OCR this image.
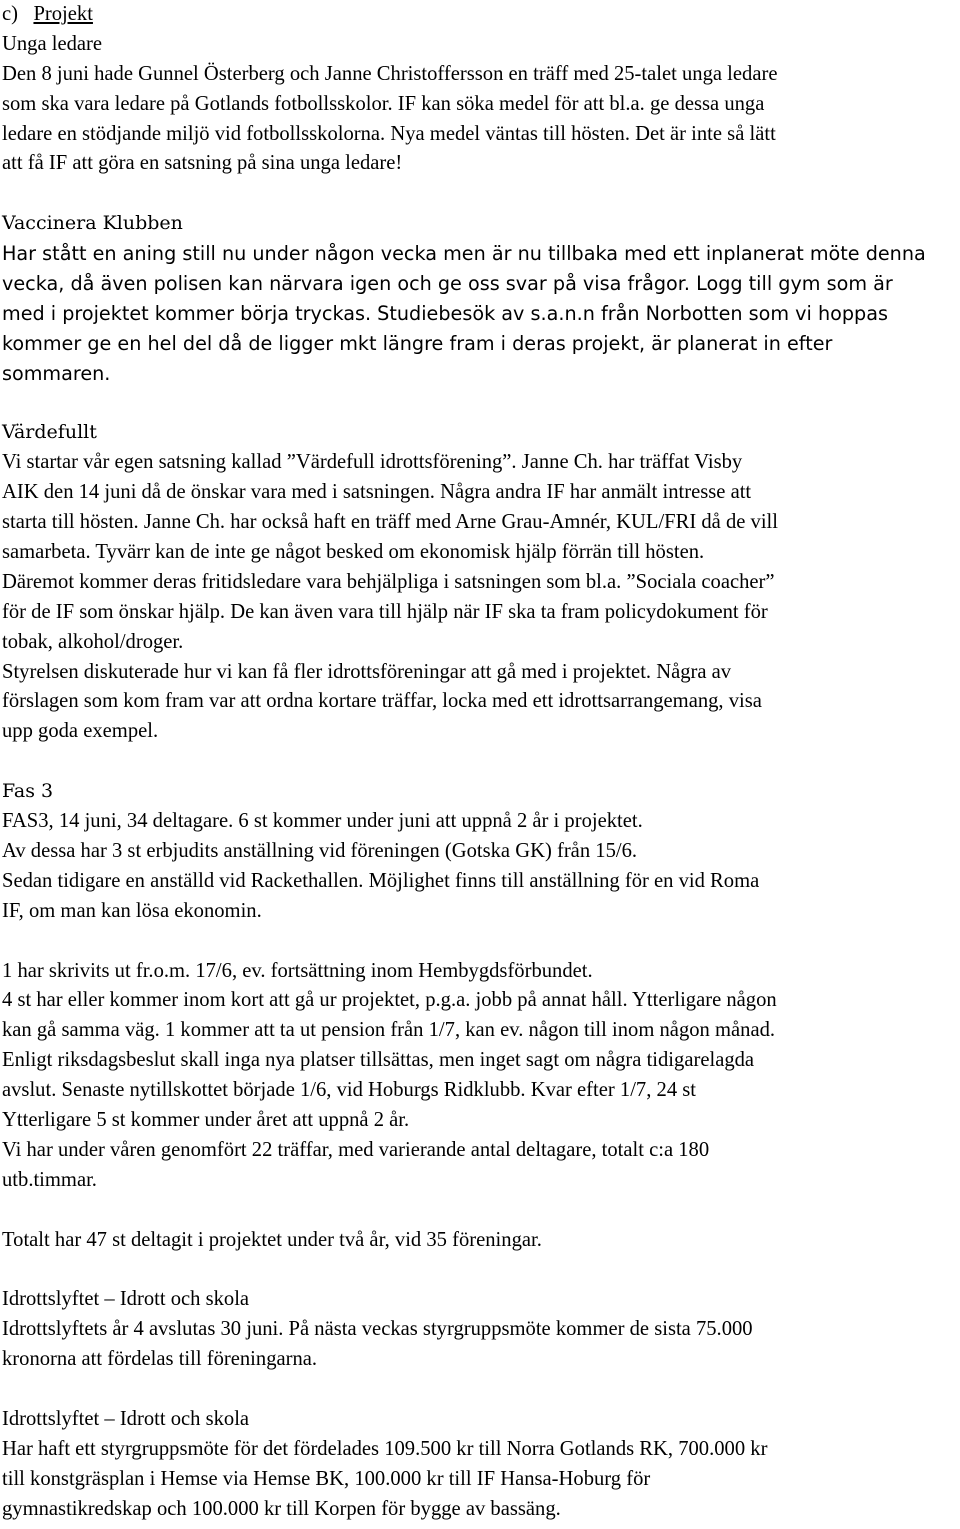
c) Projekt
Unga ledare
Den 8 juni hade Gunnel Österberg och Janne Christoffersson en träff med 25-talet unga ledare
som ska vara ledare på Gotlands fotbollsskolor. IF kan söka medel för att bl.a. ge dessa unga
ledare en stödjande miljö vid fotbollsskolorna. Nya medel väntas till hösten. Det är inte så lätt
att få IF att göra en satsning på sina unga ledare!
Vaccinera Klubben
Har stått en aning still nu under någon vecka men är nu tillbaka med ett inplanerat möte denna
vecka, då även polisen kan närvara igen och ge oss svar på visa frågor. Logg till gym som är
med i projektet kommer börja tryckas. Studiebesök av s.a.n.n från Norbotten som vi hoppas
kommer ge en hel del då de ligger mkt längre fram i deras projekt, är planerat in efter
sommaren.
Värdefullt
Vi startar vår egen satsning kallad ”Värdefull idrottsförening”. Janne Ch. har träffat Visby
AIK den 14 juni då de önskar vara med i satsningen. Några andra IF har anmält intresse att
starta till hösten. Janne Ch. har också haft en träff med Arne Grau-Amnér, KUL/FRI då de vill
samarbeta. Tyvärr kan de inte ge något besked om ekonomisk hjälp förrän till hösten.
Däremot kommer deras fritidsledare vara behjälpliga i satsningen som bl.a. ”Sociala coacher”
för de IF som önskar hjälp. De kan även vara till hjälp när IF ska ta fram policydokument för
tobak, alkohol/droger.
Styrelsen diskuterade hur vi kan få fler idrottsföreningar att gå med i projektet. Några av
förslagen som kom fram var att ordna kortare träffar, locka med ett idrottsarrangemang, visa
upp goda exempel.
Fas 3
FAS3, 14 juni, 34 deltagare. 6 st kommer under juni att uppnå 2 år i projektet.
Av dessa har 3 st erbjudits anställning vid föreningen (Gotska GK) från 15/6.
Sedan tidigare en anställd vid Rackethallen. Möjlighet finns till anställning för en vid Roma
IF, om man kan lösa ekonomin.
1 har skrivits ut fr.o.m. 17/6, ev. fortsättning inom Hembygdsförbundet.
4 st har eller kommer inom kort att gå ur projektet, p.g.a. jobb på annat håll. Ytterligare någon
kan gå samma väg. 1 kommer att ta ut pension från 1/7, kan ev. någon till inom någon månad.
Enligt riksdagsbeslut skall inga nya platser tillsättas, men inget sagt om några tidigarelagda
avslut. Senaste nytillskottet började 1/6, vid Hoburgs Ridklubb. Kvar efter 1/7, 24 st
Ytterligare 5 st kommer under året att uppnå 2 år.
Vi har under våren genomfört 22 träffar, med varierande antal deltagare, totalt c:a 180
utb.timmar.
Totalt har 47 st deltagit i projektet under två år, vid 35 föreningar.
Idrottslyftet – Idrott och skola
Idrottslyftets år 4 avslutas 30 juni. På nästa veckas styrgruppsmöte kommer de sista 75.000
kronorna att fördelas till föreningarna.
Idrottslyftet – Idrott och skola
Har haft ett styrgruppsmöte för det fördelades 109.500 kr till Norra Gotlands RK, 700.000 kr
till konstgräsplan i Hemse via Hemse BK, 100.000 kr till IF Hansa-Hoburg för
gymnastikredskap och 100.000 kr till Korpen för bygge av bassäng.
